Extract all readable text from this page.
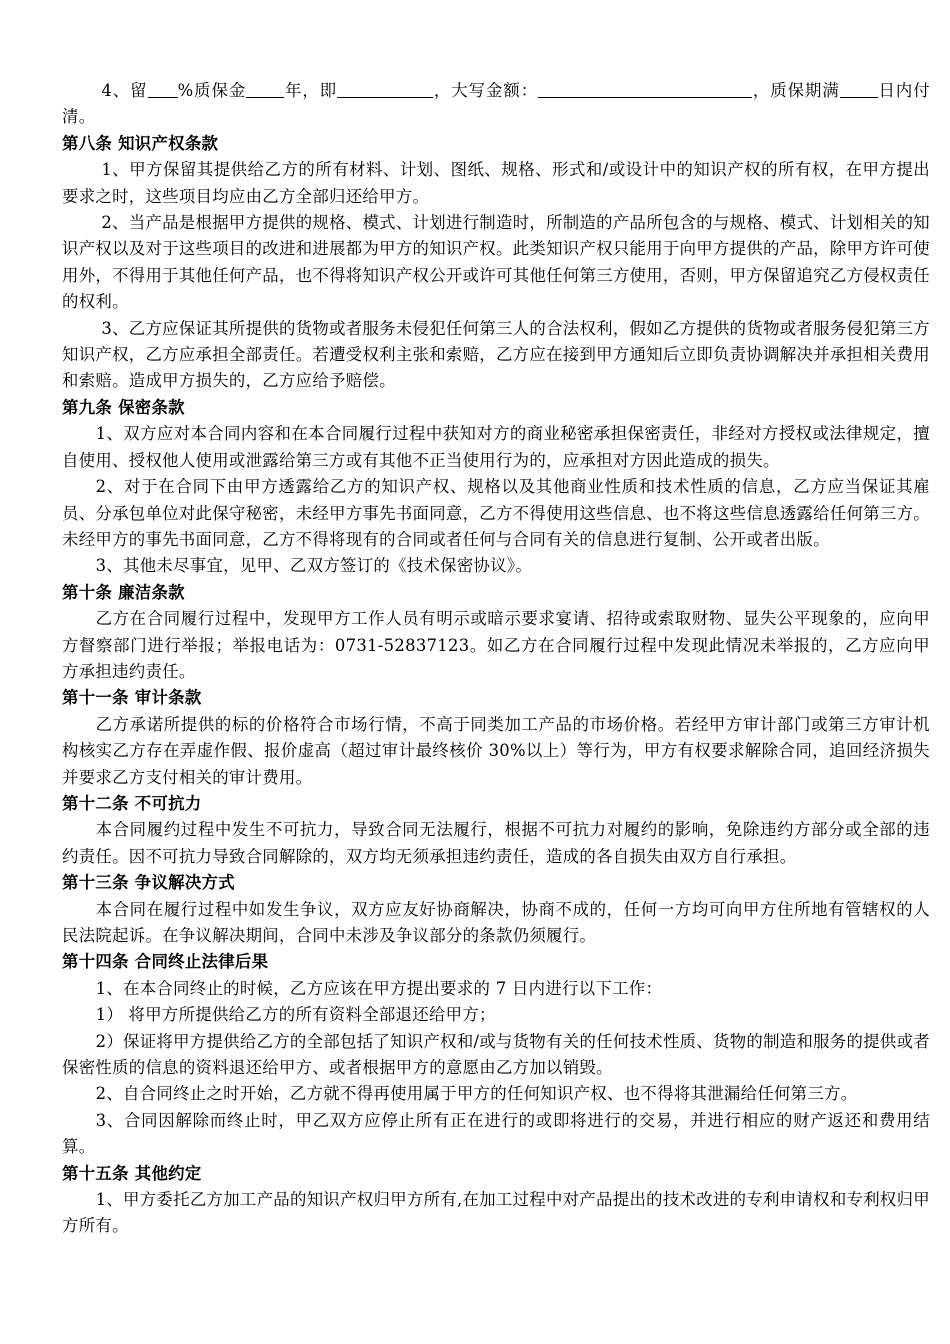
4、留 %质保金 年，即	，大写金额：	，质保期满 日内付清。

第八条 知识产权条款

1、甲方保留其提供给乙方的所有材料、计划、图纸、规格、形式和/或设计中的知识产权的所有权，在甲方提出要求之时，这些项目均应由乙方全部归还给甲方。

2、当产品是根据甲方提供的规格、模式、计划进行制造时，所制造的产品所包含的与规格、模式、计划相关的知识产权以及对于这些项目的改进和进展都为甲方的知识产权。此类知识产权只能用于向甲方提供的产品，除甲方许可使用外，不得用于其他任何产品，也不得将知识产权公开或许可其他任何第三方使用，否则，甲方保留追究乙方侵权责任的权利。

3、乙方应保证其所提供的货物或者服务未侵犯任何第三人的合法权利，假如乙方提供的货物或者服务侵犯第三方知识产权，乙方应承担全部责任。若遭受权利主张和索赔，乙方应在接到甲方通知后立即负责协调解决并承担相关费用和索赔。造成甲方损失的，乙方应给予赔偿。

第九条 保密条款

1、双方应对本合同内容和在本合同履行过程中获知对方的商业秘密承担保密责任，非经对方授权或法律规定，擅自使用、授权他人使用或泄露给第三方或有其他不正当使用行为的，应承担对方因此造成的损失。

2、对于在合同下由甲方透露给乙方的知识产权、规格以及其他商业性质和技术性质的信息，乙方应当保证其雇员、分承包单位对此保守秘密，未经甲方事先书面同意，乙方不得使用这些信息、也不将这些信息透露给任何第三方。未经甲方的事先书面同意，乙方不得将现有的合同或者任何与合同有关的信息进行复制、公开或者出版。

3、其他未尽事宜，见甲、乙双方签订的《技术保密协议》。

第十条 廉洁条款

乙方在合同履行过程中，发现甲方工作人员有明示或暗示要求宴请、招待或索取财物、显失公平现象的，应向甲方督察部门进行举报；举报电话为：0731-52837123。如乙方在合同履行过程中发现此情况未举报的，乙方应向甲方承担违约责任。

第十一条 审计条款

乙方承诺所提供的标的价格符合市场行情，不高于同类加工产品的市场价格。若经甲方审计部门或第三方审计机构核实乙方存在弄虚作假、报价虚高（超过审计最终核价 30%以上）等行为，甲方有权要求解除合同，追回经济损失并要求乙方支付相关的审计费用。

第十二条 不可抗力

本合同履约过程中发生不可抗力，导致合同无法履行，根据不可抗力对履约的影响，免除违约方部分或全部的违约责任。因不可抗力导致合同解除的，双方均无须承担违约责任，造成的各自损失由双方自行承担。

第十三条 争议解决方式

本合同在履行过程中如发生争议，双方应友好协商解决，协商不成的，任何一方均可向甲方住所地有管辖权的人民法院起诉。在争议解决期间，合同中未涉及争议部分的条款仍须履行。

第十四条 合同终止法律后果

1、在本合同终止的时候，乙方应该在甲方提出要求的 7 日内进行以下工作：

1） 将甲方所提供给乙方的所有资料全部退还给甲方；

2）保证将甲方提供给乙方的全部包括了知识产权和/或与货物有关的任何技术性质、货物的制造和服务的提供或者保密性质的信息的资料退还给甲方、或者根据甲方的意愿由乙方加以销毁。

2、自合同终止之时开始，乙方就不得再使用属于甲方的任何知识产权、也不得将其泄漏给任何第三方。

3、合同因解除而终止时，甲乙双方应停止所有正在进行的或即将进行的交易，并进行相应的财产返还和费用结算。

第十五条 其他约定

1、甲方委托乙方加工产品的知识产权归甲方所有,在加工过程中对产品提出的技术改进的专利申请权和专利权归甲方所有。
